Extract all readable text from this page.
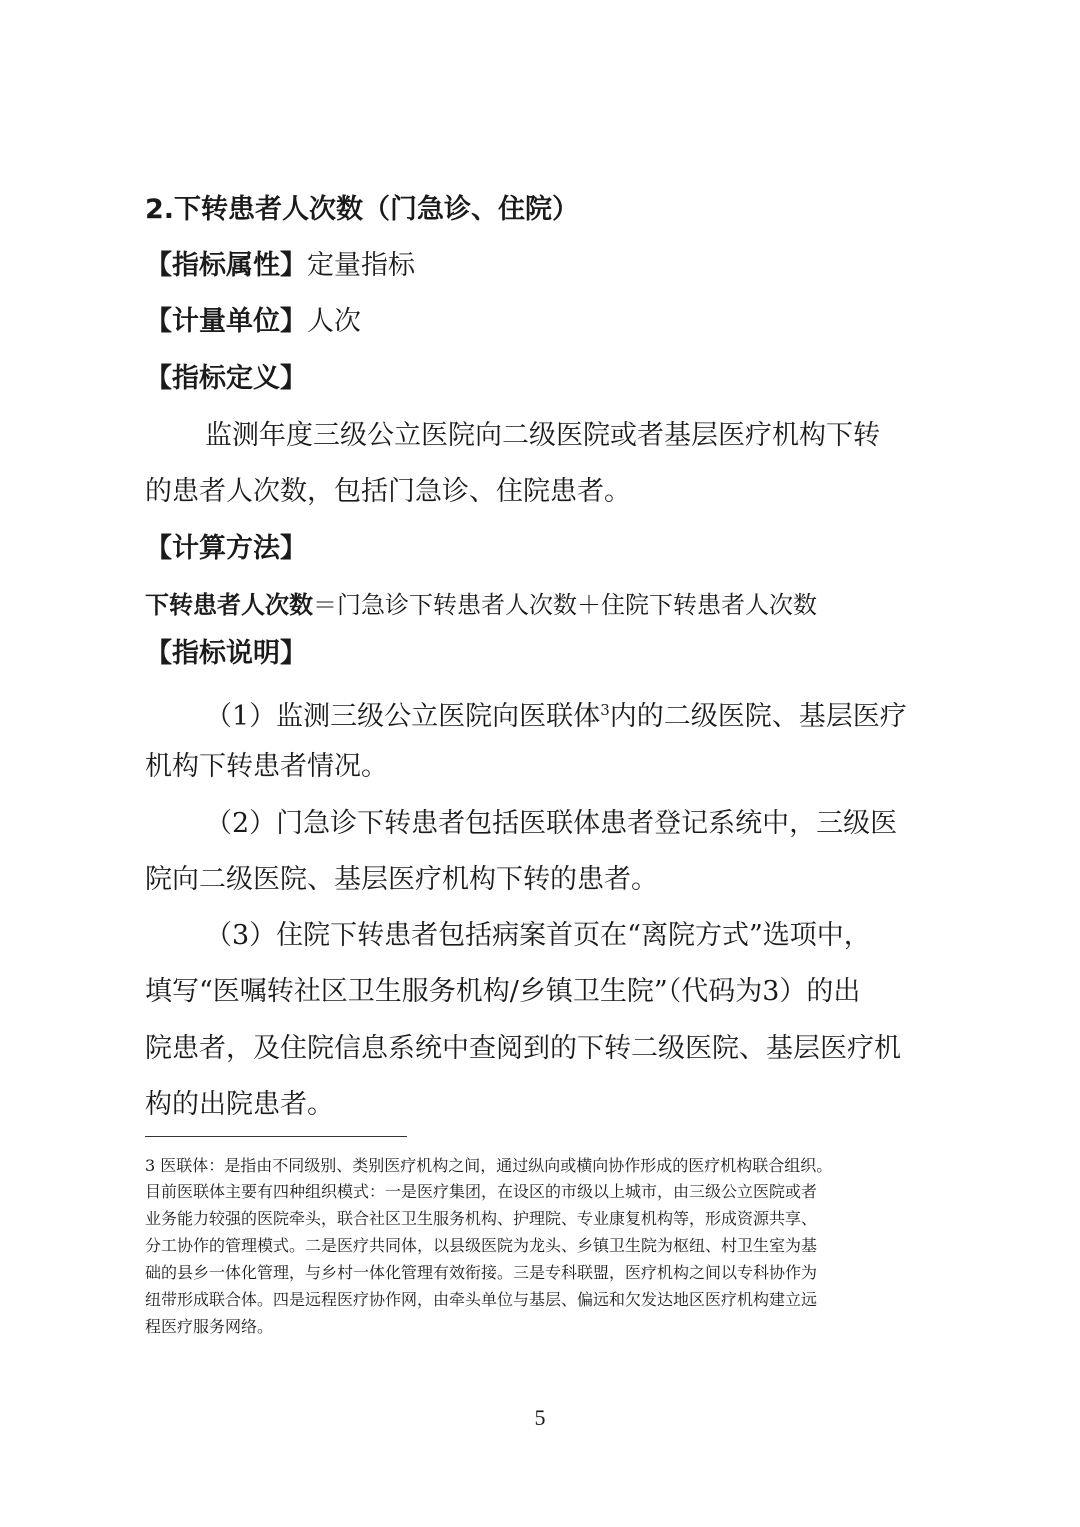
2.下转患者人次数（门急诊、住院）
【指标属性】定量指标
【计量单位】人次
【指标定义】
监测年度三级公立医院向二级医院或者基层医疗机构下转
的患者人次数，包括门急诊、住院患者。
【计算方法】
下转患者人次数＝门急诊下转患者人次数＋住院下转患者人次数
【指标说明】
（1）监测三级公立医院向医联体$^3$内的二级医院、基层医疗
机构下转患者情况。
（2）门急诊下转患者包括医联体患者登记系统中，三级医
院向二级医院、基层医疗机构下转的患者。
（3）住院下转患者包括病案首页在“离院方式”选项中，
填写“医嘱转社区卫生服务机构/乡镇卫生院”（代码为3）的出
院患者，及住院信息系统中查阅到的下转二级医院、基层医疗机
构的出院患者。
3 医联体：是指由不同级别、类别医疗机构之间，通过纵向或横向协作形成的医疗机构联合组织。
目前医联体主要有四种组织模式：一是医疗集团，在设区的市级以上城市，由三级公立医院或者
业务能力较强的医院牵头，联合社区卫生服务机构、护理院、专业康复机构等，形成资源共享、
分工协作的管理模式。二是医疗共同体，以县级医院为龙头、乡镇卫生院为枢纽、村卫生室为基
础的县乡一体化管理，与乡村一体化管理有效衔接。三是专科联盟，医疗机构之间以专科协作为
纽带形成联合体。四是远程医疗协作网，由牵头单位与基层、偏远和欠发达地区医疗机构建立远
程医疗服务网络。
5
